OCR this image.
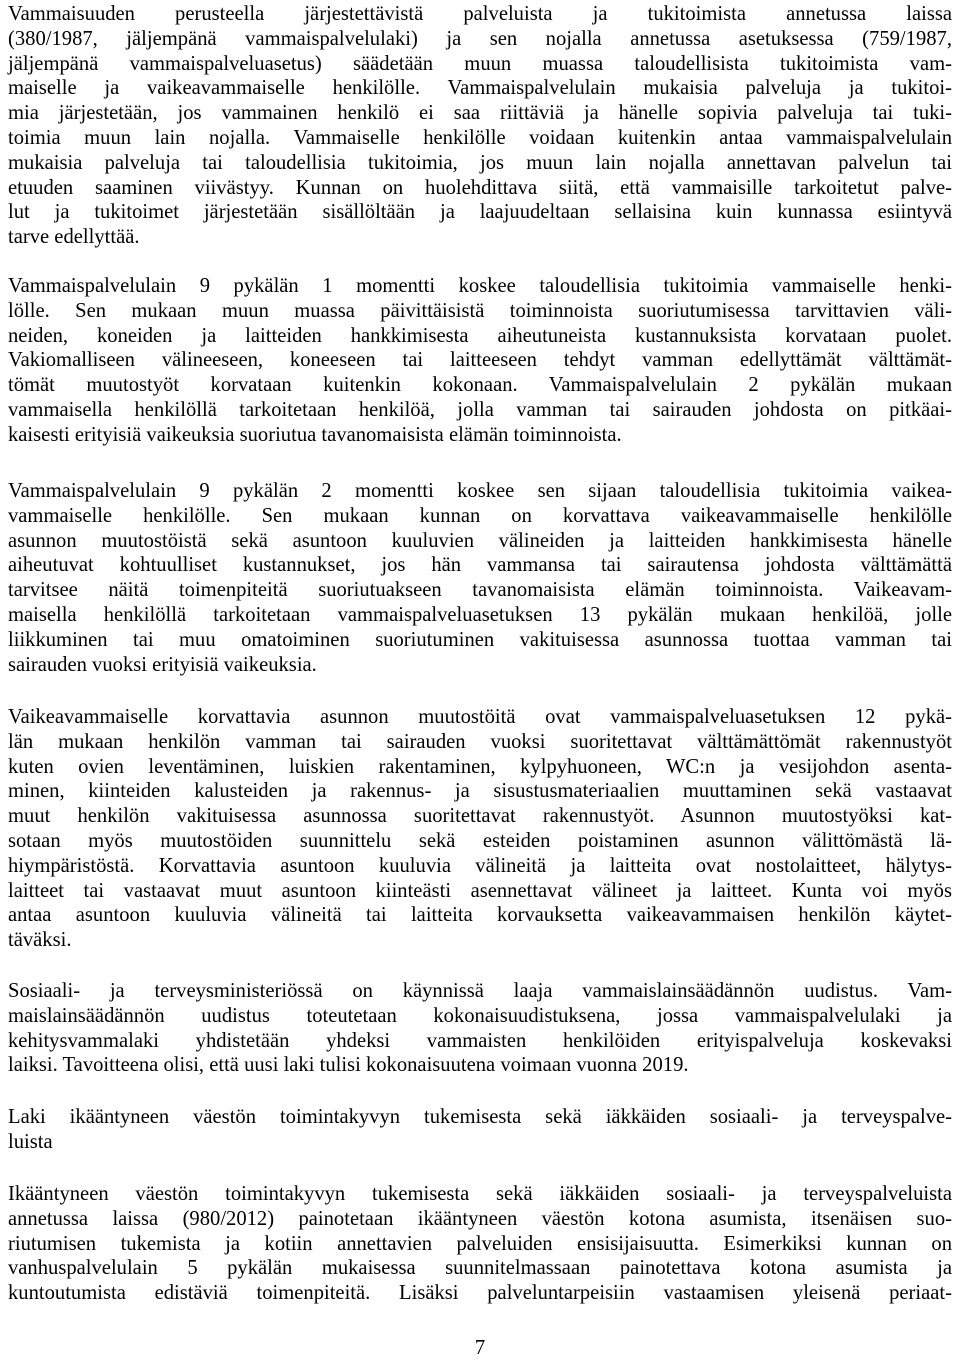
Vammaisuuden perusteella järjestettävistä palveluista ja tukitoimista annetussa laissa
(380/1987, jäljempänä vammaispalvelulaki) ja sen nojalla annetussa asetuksessa (759/1987,
jäljempänä vammaispalveluasetus) säädetään muun muassa taloudellisista tukitoimista vam-
maiselle ja vaikeavammaiselle henkilölle. Vammaispalvelulain mukaisia palveluja ja tukitoi-
mia järjestetään, jos vammainen henkilö ei saa riittäviä ja hänelle sopivia palveluja tai tuki-
toimia muun lain nojalla. Vammaiselle henkilölle voidaan kuitenkin antaa vammaispalvelulain
mukaisia palveluja tai taloudellisia tukitoimia, jos muun lain nojalla annettavan palvelun tai
etuuden saaminen viivästyy. Kunnan on huolehdittava siitä, että vammaisille tarkoitetut palve-
lut ja tukitoimet järjestetään sisällöltään ja laajuudeltaan sellaisina kuin kunnassa esiintyvä
tarve edellyttää.
Vammaispalvelulain 9 pykälän 1 momentti koskee taloudellisia tukitoimia vammaiselle henki-
lölle. Sen mukaan muun muassa päivittäisistä toiminnoista suoriutumisessa tarvittavien väli-
neiden, koneiden ja laitteiden hankkimisesta aiheutuneista kustannuksista korvataan puolet.
Vakiomalliseen välineeseen, koneeseen tai laitteeseen tehdyt vamman edellyttämät välttämät-
tömät muutostyöt korvataan kuitenkin kokonaan. Vammaispalvelulain 2 pykälän mukaan
vammaisella henkilöllä tarkoitetaan henkilöä, jolla vamman tai sairauden johdosta on pitkäai-
kaisesti erityisiä vaikeuksia suoriutua tavanomaisista elämän toiminnoista.
Vammaispalvelulain 9 pykälän 2 momentti koskee sen sijaan taloudellisia tukitoimia vaikea-
vammaiselle henkilölle. Sen mukaan kunnan on korvattava vaikeavammaiselle henkilölle
asunnon muutostöistä sekä asuntoon kuuluvien välineiden ja laitteiden hankkimisesta hänelle
aiheutuvat kohtuulliset kustannukset, jos hän vammansa tai sairautensa johdosta välttämättä
tarvitsee näitä toimenpiteitä suoriutuakseen tavanomaisista elämän toiminnoista. Vaikeavam-
maisella henkilöllä tarkoitetaan vammaispalveluasetuksen 13 pykälän mukaan henkilöä, jolle
liikkuminen tai muu omatoiminen suoriutuminen vakituisessa asunnossa tuottaa vamman tai
sairauden vuoksi erityisiä vaikeuksia.
Vaikeavammaiselle korvattavia asunnon muutostöitä ovat vammaispalveluasetuksen 12 pykä-
län mukaan henkilön vamman tai sairauden vuoksi suoritettavat välttämättömät rakennustyöt
kuten ovien leventäminen, luiskien rakentaminen, kylpyhuoneen, WC:n ja vesijohdon asenta-
minen, kiinteiden kalusteiden ja rakennus- ja sisustusmateriaalien muuttaminen sekä vastaavat
muut henkilön vakituisessa asunnossa suoritettavat rakennustyöt. Asunnon muutostyöksi kat-
sotaan myös muutostöiden suunnittelu sekä esteiden poistaminen asunnon välittömästä lä-
hiympäristöstä. Korvattavia asuntoon kuuluvia välineitä ja laitteita ovat nostolaitteet, hälytys-
laitteet tai vastaavat muut asuntoon kiinteästi asennettavat välineet ja laitteet. Kunta voi myös
antaa asuntoon kuuluvia välineitä tai laitteita korvauksetta vaikeavammaisen henkilön käytet-
täväksi.
Sosiaali- ja terveysministeriössä on käynnissä laaja vammaislainsäädännön uudistus. Vam-
maislainsäädännön uudistus toteutetaan kokonaisuudistuksena, jossa vammaispalvelulaki ja
kehitysvammalaki yhdistetään yhdeksi vammaisten henkilöiden erityispalveluja koskevaksi
laiksi. Tavoitteena olisi, että uusi laki tulisi kokonaisuutena voimaan vuonna 2019.
Laki ikääntyneen väestön toimintakyvyn tukemisesta sekä iäkkäiden sosiaali- ja terveyspalve-
luista
Ikääntyneen väestön toimintakyvyn tukemisesta sekä iäkkäiden sosiaali- ja terveyspalveluista
annetussa laissa (980/2012) painotetaan ikääntyneen väestön kotona asumista, itsenäisen suo-
riutumisen tukemista ja kotiin annettavien palveluiden ensisijaisuutta. Esimerkiksi kunnan on
vanhuspalvelulain 5 pykälän mukaisessa suunnitelmassaan painotettava kotona asumista ja
kuntoutumista edistäviä toimenpiteitä. Lisäksi palveluntarpeisiin vastaamisen yleisenä periaat-

7
